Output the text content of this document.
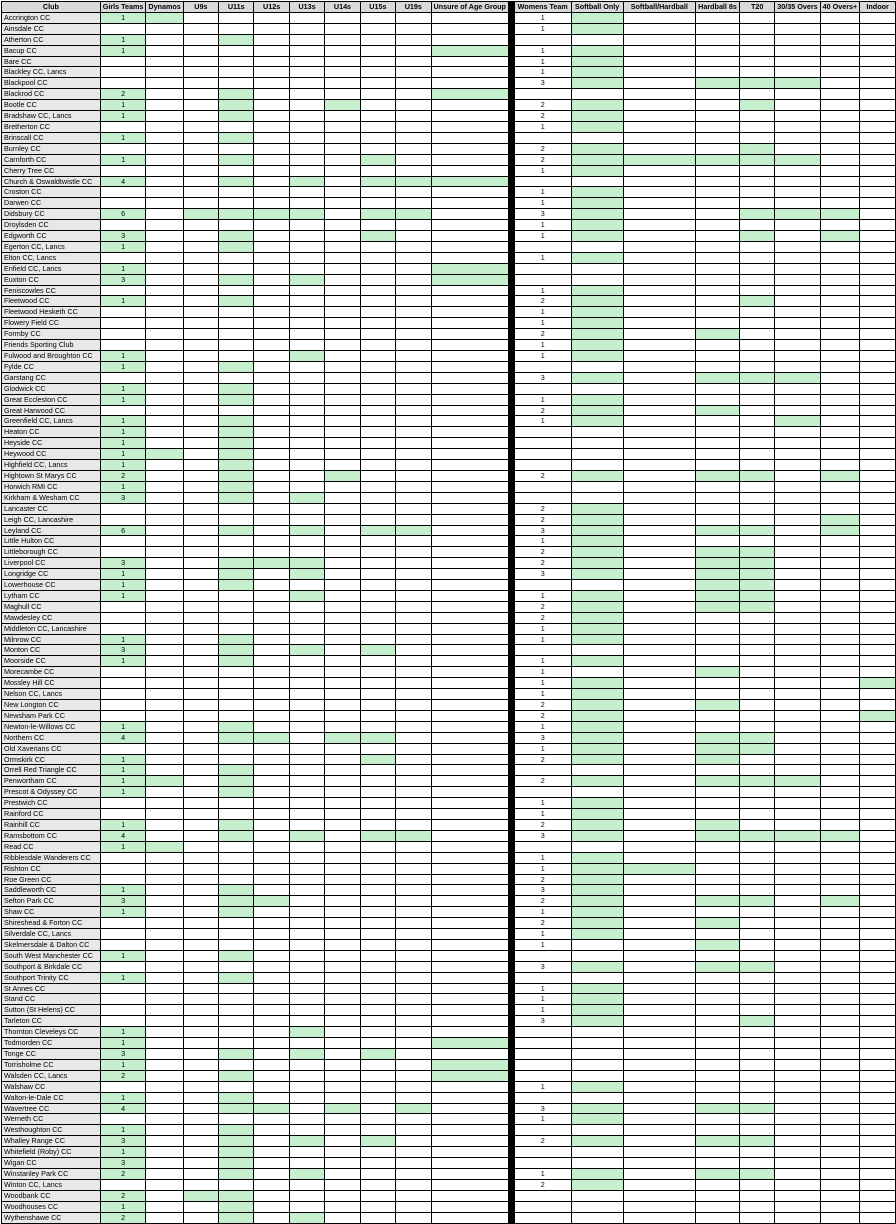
Club	Girls Teams	Dynamos	U9s	U11s	U12s	U13s	U14s	U15s	U19s	Unsure of Age Group		Womens Team	Softball Only	Softball/Hardball	Hardball 8s	T20	30/35 Overs	40 Overs+	Indoor
Accrington CC	1											1							
Ainsdale CC												1							
Atherton CC	1																		
Bacup CC	1											1							
Bare CC												1							
Blackley CC, Lancs												1							
Blackpool CC												3							
Blackrod CC	2																		
Bootle CC	1											2							
Bradshaw CC, Lancs	1											2							
Bretherton CC												1							
Brinscall CC	1																		
Burnley CC												2							
Carnforth CC	1											2							
Cherry Tree CC												1							
Church & Oswaldtwistle CC	4																		
Croston CC												1							
Darwen CC												1							
Didsbury CC	6											3							
Droylsden CC												1							
Edgworth CC	3											1							
Egerton CC, Lancs	1																		
Elton CC, Lancs												1							
Enfield CC, Lancs	1																		
Euxton CC	3																		
Feniscowles CC												1							
Fleetwood CC	1											2							
Fleetwood Hesketh CC												1							
Flowery Field CC												1							
Formby CC												2							
Friends Sporting Club												1							
Fulwood and Broughton CC	1											1							
Fylde CC	1																		
Garstang CC												3							
Glodwick CC	1																		
Great Eccleston CC	1											1							
Great Harwood CC												2							
Greenfield CC, Lancs	1											1							
Heaton CC	1																		
Heyside CC	1																		
Heywood CC	1																		
Highfield CC, Lancs	1																		
Hightown St Marys CC	2											2							
Horwich RMI CC	1																		
Kirkham & Wesham CC	3																		
Lancaster CC												2							
Leigh CC, Lancashire												2							
Leyland CC	6											3							
Little Hulton CC												1							
Littleborough CC												2							
Liverpool CC	3											2							
Longridge CC	1											3							
Lowerhouse CC	1																		
Lytham CC	1											1							
Maghull CC												2							
Mawdesley CC												2							
Middleton CC, Lancashire												1							
Milnrow CC	1											1							
Monton CC	3																		
Moorside CC	1											1							
Morecambe CC												1							
Mossley Hill CC												1							
Nelson CC, Lancs												1							
New Longton CC												2							
Newsham Park CC												2							
Newton-le-Willows CC	1											1							
Northern CC	4											3							
Old Xaverians CC												1							
Ormskirk CC	1											2							
Orrell Red Triangle CC	1																		
Penwortham CC	1											2							
Prescot & Odyssey CC	1																		
Prestwich CC												1							
Rainford CC												1							
Rainhill CC	1											2							
Ramsbottom CC	4											3							
Read CC	1																		
Ribblesdale Wanderers CC												1							
Rishton CC												1							
Roe Green CC												2							
Saddleworth CC	1											3							
Sefton Park CC	3											2							
Shaw CC	1											1							
Shireshead & Forton CC												2							
Silverdale CC, Lancs												1							
Skelmersdale & Dalton CC												1							
South West Manchester CC	1																		
Southport & Birkdale CC												3							
Southport Trinity CC	1																		
St Annes CC												1							
Stand CC												1							
Sutton (St Helens) CC												1							
Tarleton CC												3							
Thornton Cleveleys CC	1																		
Todmorden CC	1																		
Tonge CC	3																		
Torrisholme CC	1																		
Walsden CC, Lancs	2																		
Walshaw CC												1							
Walton-le-Dale CC	1																		
Wavertree CC	4											3							
Werneth CC												1							
Westhoughton CC	1																		
Whalley Range CC	3											2							
Whitefield (Roby) CC	1																		
Wigan CC	3																		
Winstanley Park CC	2											1							
Winton CC, Lancs												2							
Woodbank CC	2																		
Woodhouses CC	1																		
Wythenshawe CC	2																		
